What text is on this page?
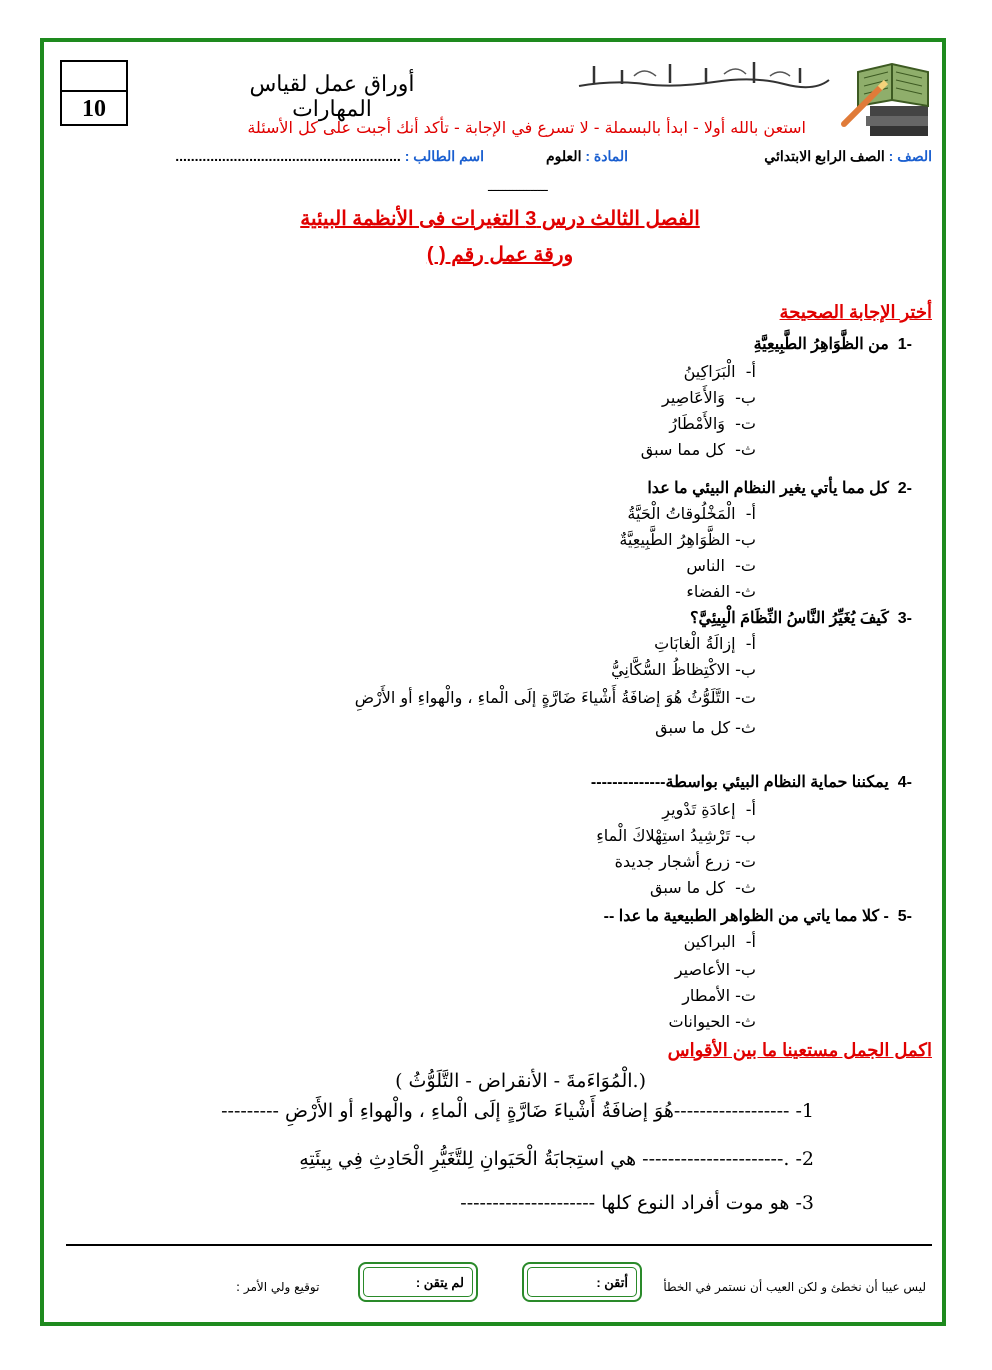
10
أوراق عمل لقياس المهارات
بسم الله الرحمن الرحيم
استعن بالله أولا - ابدأ بالبسملة - لا تسرع في الإجابة - تأكد أنك أجبت على كل الأسئلة
الصف : الصف الرابع الابتدائي
المادة : العلوم
اسم الطالب : ..........................................................
ـــــــــــــــــ
الفصل الثالث درس 3 التغيرات فى الأنظمة البيئية
ورقة عمل رقم ( )
أختر الإجابة الصحيحة
-1  من الظَّوَاهِرُ الطَّبِيعِيَّةِ
أ-  الْبَرَاكِينُ
ب-  وَالأَعَاصِير
ت-  وَالأَمْطَارُ
ث-  كل مما سبق
-2  كل مما يأتي يغير النظام البيئي ما عدا
أ-  الْمَخْلُوقاتُ الْحَيَّةُ
ب- الظَّوَاهِرُ الطَّبِيعِيَّةٌ
ت-  الناس
ث- الفضاء
-3  كَيفَ يُغَيِّرُ النَّاسُ النِّظَامَ الْبِيئِيَّ؟
أ-  إزالَةُ الْغابَاتِ
ب- الاكْتِظاظُ السُّكَّانِيُّ
ت- التَّلَوُّثُ هُوَ إضافَةُ أَشْياءَ ضَارَّةٍ إلَى الْماءِ ، والْهواءِ أو الأَرْضِ
ث- كل ما سبق
-4  يمكننا حماية النظام البيئي بواسطة--------------
أ-  إعادَةِ تَدْويرِ
ب- تَرْشِيدُ استِهْلاكَ الْماءِ
ت- زرع أشجار جديدة
ث-  كل ما سبق
-5  - كلا مما ياتي من الظواهر الطبيعية ما عدا --
أ-  البراكين
ب- الأعاصير
ت- الأمطار
ث- الحيوانات
اكمل الجمل مستعينا ما بين الأقواس
(.الْمُوَاءَمةَ - الأنقراض - التَّلَوُّثُ )
1- ------------------هُوَ إضافَةُ أَشْياءَ ضَارَّةٍ إلَى الْماءِ ، والْهواءِ أو الأَرْضِ ---------
2- .---------------------- هي استِجابَةُ الْحَيَوانِ لِلتَّغَيُّرِ الْحَادِثِ فِي بِيئَتِهِ
3- هو موت أفراد النوع كلها ---------------------
ليس عيبا أن نخطئ و لكن العيب أن نستمر في الخطأ
أتقن :
لم يتقن :
توقيع ولي الأمر :
